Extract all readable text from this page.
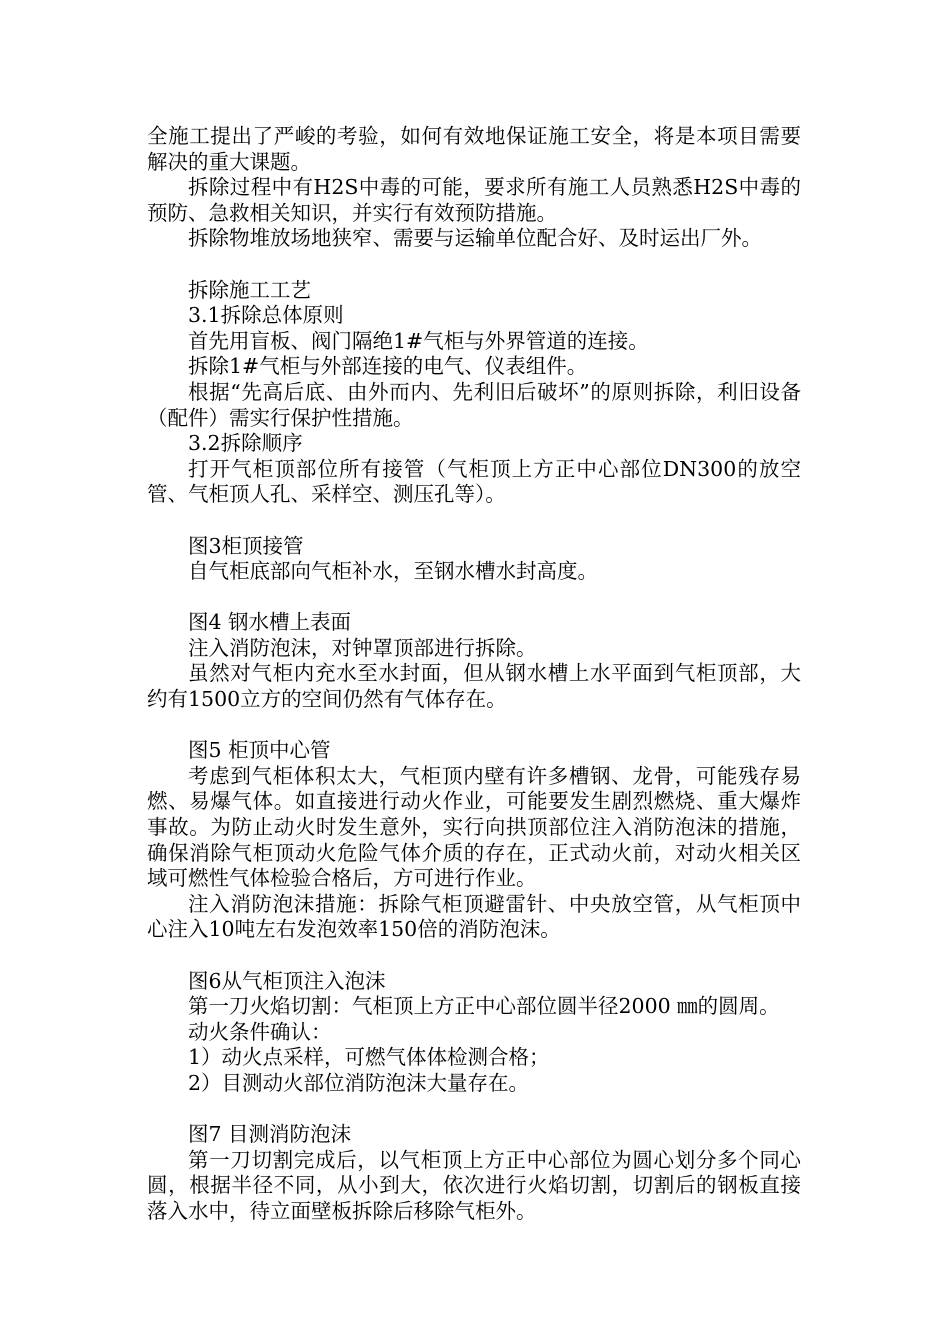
全施工提出了严峻的考验，如何有效地保证施工安全，将是本项目需要解决的重大课题。

拆除过程中有H2S中毒的可能，要求所有施工人员熟悉H2S中毒的预防、急救相关知识，并实行有效预防措施。

拆除物堆放场地狭窄、需要与运输单位配合好、及时运出厂外。

拆除施工工艺

3.1拆除总体原则

首先用盲板、阀门隔绝1#气柜与外界管道的连接。

拆除1#气柜与外部连接的电气、仪表组件。

根据“先高后底、由外而内、先利旧后破坏”的原则拆除，利旧设备（配件）需实行保护性措施。

3.2拆除顺序

打开气柜顶部位所有接管（气柜顶上方正中心部位DN300的放空管、气柜顶人孔、采样空、测压孔等）。

图3柜顶接管

自气柜底部向气柜补水，至钢水槽水封高度。

图4 钢水槽上表面

注入消防泡沫，对钟罩顶部进行拆除。

虽然对气柜内充水至水封面，但从钢水槽上水平面到气柜顶部，大约有1500立方的空间仍然有气体存在。

图5 柜顶中心管

考虑到气柜体积太大，气柜顶内壁有许多槽钢、龙骨，可能残存易燃、易爆气体。如直接进行动火作业，可能要发生剧烈燃烧、重大爆炸事故。为防止动火时发生意外，实行向拱顶部位注入消防泡沫的措施，确保消除气柜顶动火危险气体介质的存在，正式动火前，对动火相关区域可燃性气体检验合格后，方可进行作业。

注入消防泡沫措施：拆除气柜顶避雷针、中央放空管，从气柜顶中心注入10吨左右发泡效率150倍的消防泡沫。

图6从气柜顶注入泡沫

第一刀火焰切割：气柜顶上方正中心部位圆半径2000 ㎜的圆周。

动火条件确认：

1）动火点采样，可燃气体体检测合格；

2）目测动火部位消防泡沫大量存在。

图7 目测消防泡沫

第一刀切割完成后，以气柜顶上方正中心部位为圆心划分多个同心圆，根据半径不同，从小到大，依次进行火焰切割，切割后的钢板直接落入水中，待立面壁板拆除后移除气柜外。
